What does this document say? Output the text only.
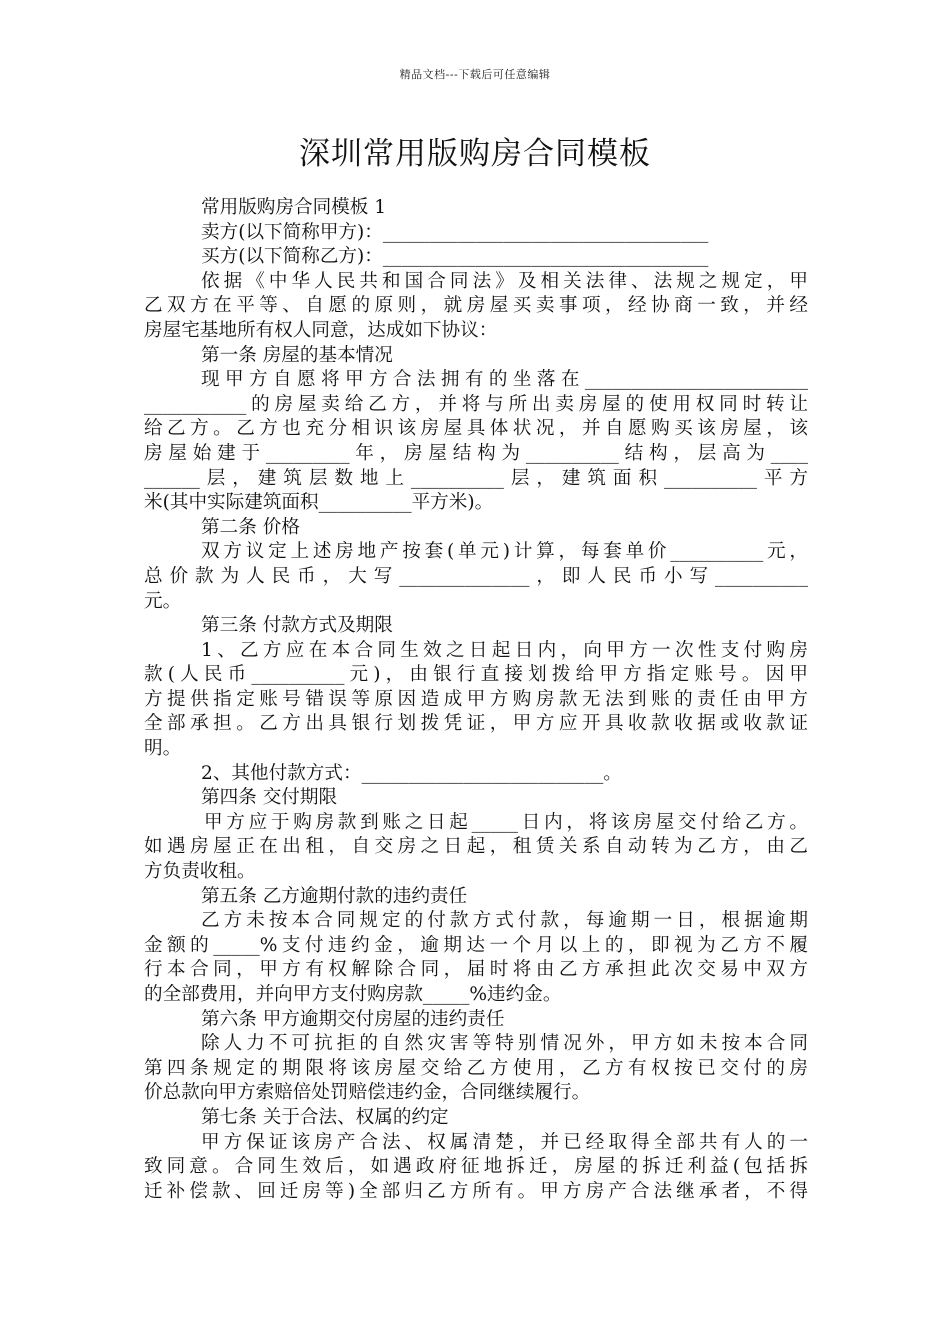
精品文档---下载后可任意编辑
深圳常用版购房合同模板
常用版购房合同模板 1
卖方(以下简称甲方)：___________________________________
买方(以下简称乙方)：___________________________________
依据《中华人民共和国合同法》及相关法律、法规之规定，甲
乙双方在平等、自愿的原则，就房屋买卖事项，经协商一致，并经
房屋宅基地所有权人同意，达成如下协议：
第一条 房屋的基本情况
现甲方自愿将甲方合法拥有的坐落在________________________
___________的房屋卖给乙方，并将与所出卖房屋的使用权同时转让
给乙方。乙方也充分相识该房屋具体状况，并自愿购买该房屋，该
房屋始建于_________年，房屋结构为__________结构，层高为____
______层，建筑层数地上__________层，建筑面积__________平方
米(其中实际建筑面积__________平方米)。
第二条 价格
双方议定上述房地产按套(单元)计算，每套单价__________元，
总价款为人民币，大写______________，即人民币小写__________
元。
第三条 付款方式及期限
1、乙方应在本合同生效之日起日内，向甲方一次性支付购房
款(人民币__________元)，由银行直接划拨给甲方指定账号。因甲
方提供指定账号错误等原因造成甲方购房款无法到账的责任由甲方
全部承担。乙方出具银行划拨凭证，甲方应开具收款收据或收款证
明。
2、其他付款方式：__________________________。
第四条 交付期限
甲方应于购房款到账之日起_____日内，将该房屋交付给乙方。
如遇房屋正在出租，自交房之日起，租赁关系自动转为乙方，由乙
方负责收租。
第五条 乙方逾期付款的违约责任
乙方未按本合同规定的付款方式付款，每逾期一日，根据逾期
金额的_____%支付违约金，逾期达一个月以上的，即视为乙方不履
行本合同，甲方有权解除合同，届时将由乙方承担此次交易中双方
的全部费用，并向甲方支付购房款_____%违约金。
第六条 甲方逾期交付房屋的违约责任
除人力不可抗拒的自然灾害等特别情况外，甲方如未按本合同
第四条规定的期限将该房屋交给乙方使用，乙方有权按已交付的房
价总款向甲方索赔倍处罚赔偿违约金，合同继续履行。
第七条 关于合法、权属的约定
甲方保证该房产合法、权属清楚，并已经取得全部共有人的一
致同意。合同生效后，如遇政府征地拆迁，房屋的拆迁利益(包括拆
迁补偿款、回迁房等)全部归乙方所有。甲方房产合法继承者，不得
